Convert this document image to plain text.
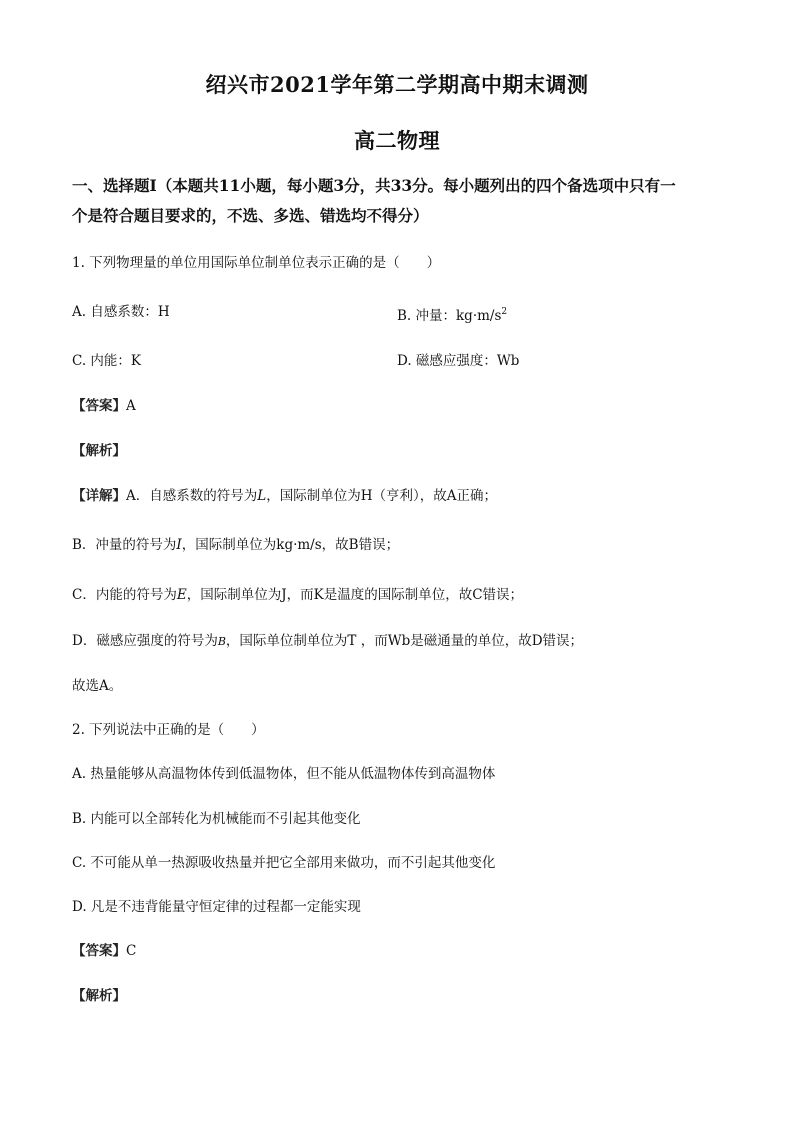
绍兴市2021学年第二学期高中期末调测
高二物理
一、选择题Ⅰ（本题共11小题，每小题3分，共33分。每小题列出的四个备选项中只有一
个是符合题目要求的，不选、多选、错选均不得分）
1. 下列物理量的单位用国际单位制单位表示正确的是（　　）
A. 自感系数：H	B. 冲量：$kg\cdot m/s^2$
C. 内能：K	D. 磁感应强度：Wb
【答案】A
【解析】
【详解】A．自感系数的符号为L，国际制单位为H（亨利），故A正确；
B．冲量的符号为I，国际制单位为kg·m/s，故B错误；
C．内能的符号为E，国际制单位为J，而K是温度的国际制单位，故C错误；
D．磁感应强度的符号为B，国际单位制单位为T ，而Wb是磁通量的单位，故D错误；
故选A。
2. 下列说法中正确的是（　　）
A. 热量能够从高温物体传到低温物体，但不能从低温物体传到高温物体
B. 内能可以全部转化为机械能而不引起其他变化
C. 不可能从单一热源吸收热量并把它全部用来做功，而不引起其他变化
D. 凡是不违背能量守恒定律的过程都一定能实现
【答案】C
【解析】
